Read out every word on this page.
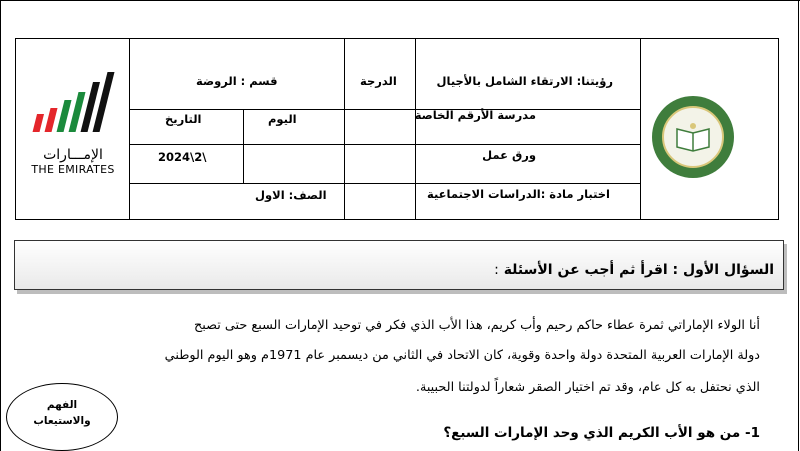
رؤيتنا: الارتقاء الشامل بالأجيال
مدرسة الأرقم الخاصة
ورق عمل
اختبار مادة :الدراسات الاجتماعية
الدرجة
قسم : الروضة
اليوم
التاريخ
2024\2\
الصف: الاول
الإمـــارات
THE EMIRATES
السؤال الأول : اقرأ ثم أجب عن الأسئلة :
أنا الولاء الإماراتي ثمرة عطاء حاكم رحيم وأب كريم، هذا الأب الذي فكر في توحيد الإمارات السبع حتى تصبح
دولة الإمارات العربية المتحدة دولة واحدة وقوية، كان الاتحاد في الثاني من ديسمبر عام 1971م وهو اليوم الوطني
الذي نحتفل به كل عام، وقد تم اختيار الصقر شعاراً لدولتنا الحبيبة.
1- من هو الأب الكريم الذي وحد الإمارات السبع؟
الفهم
والاستيعاب
